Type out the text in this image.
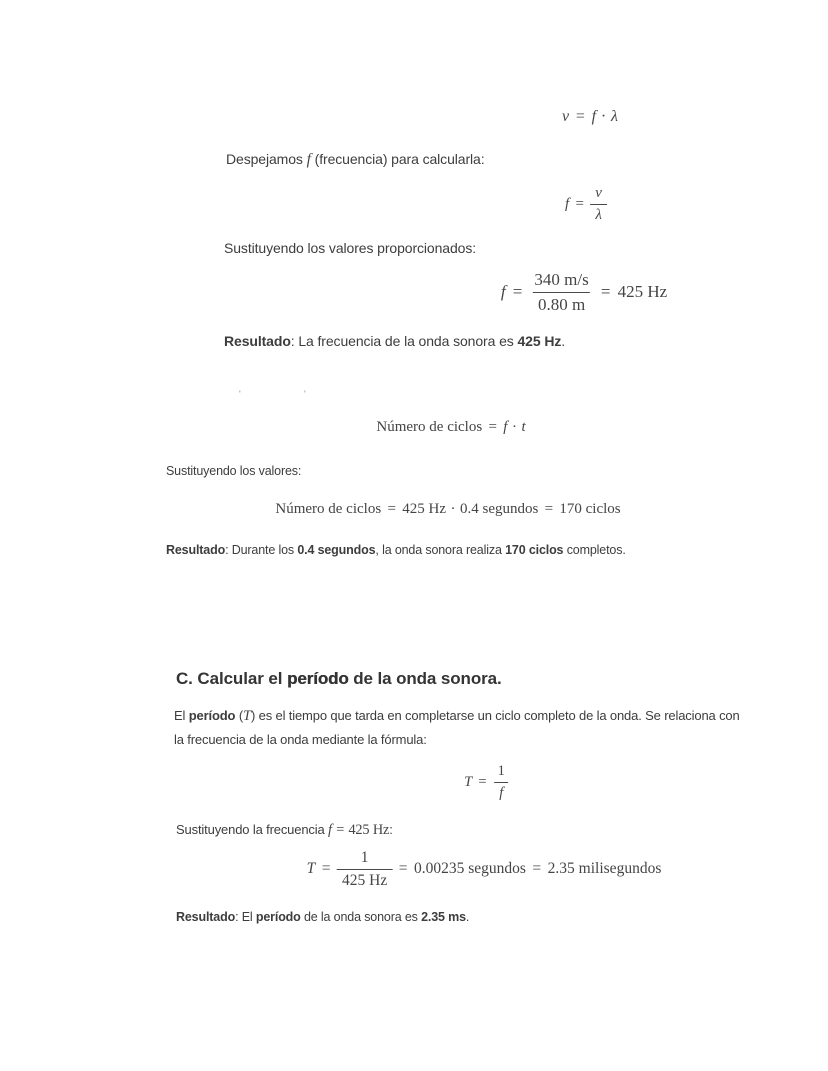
v = f · λ
Despejamos f (frecuencia) para calcularla:
$f = \frac{v}{\lambda}$
Sustituyendo los valores proporcionados:
$f = \frac{340 m/s}{0.80 m} = 425$ Hz
Resultado: La frecuencia de la onda sonora es 425 Hz.
'	'
Número de ciclos = f · t
Sustituyendo los valores:
Número de ciclos = 425 Hz · 0.4 segundos = 170 ciclos
Resultado: Durante los 0.4 segundos, la onda sonora realiza 170 ciclos completos.
C. Calcular el período de la onda sonora.
El período (T) es el tiempo que tarda en completarse un ciclo completo de la onda. Se relaciona con
la frecuencia de la onda mediante la fórmula:
$T = \frac{1}{f}$
Sustituyendo la frecuencia f = 425 Hz:
$T = \frac{1}{425 Hz} = 0.00235$ segundos = 2.35 milisegundos
Resultado: El período de la onda sonora es 2.35 ms.
